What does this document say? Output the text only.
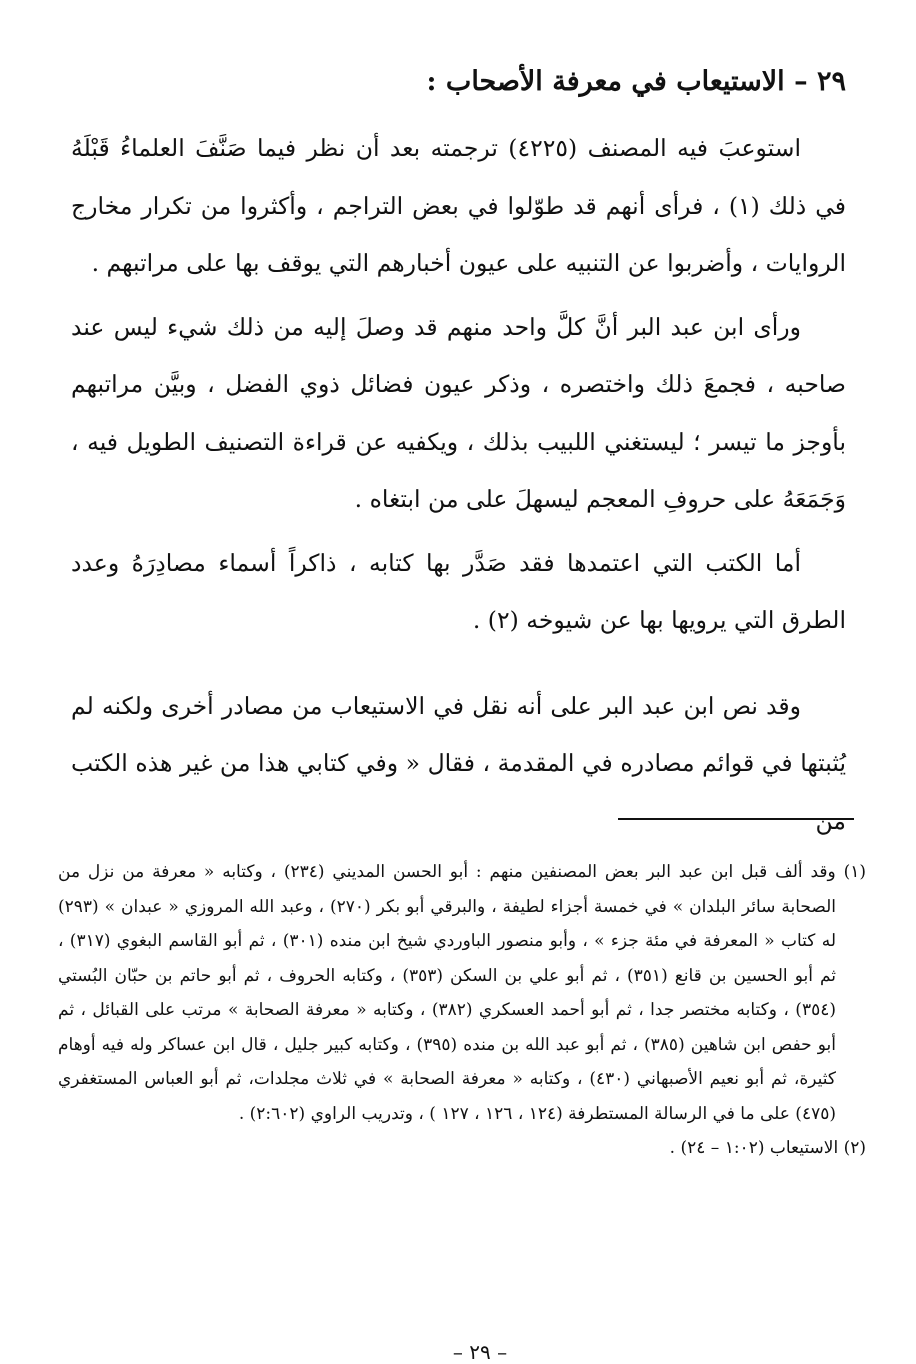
٢٩ – الاستيعاب في معرفة الأصحاب :

استوعبَ فيه المصنف (٤٢٢٥) ترجمته بعد أن نظر فيما صَنَّفَ العلماءُ قَبْلَهُ في ذلك (١) ، فرأى أنهم قد طوّلوا في بعض التراجم ، وأكثروا من تكرار مخارج الروايات ، وأضربوا عن التنبيه على عيون أخبارهم التي يوقف بها على مراتبهم .

ورأى ابن عبد البر أنَّ كلَّ واحد منهم قد وصلَ إليه من ذلك شيء ليس عند صاحبه ، فجمعَ ذلك واختصره ، وذكر عيون فضائل ذوي الفضل ، وبيَّن مراتبهم بأوجز ما تيسر ؛ ليستغني اللبيب بذلك ، ويكفيه عن قراءة التصنيف الطويل فيه ، وَجَمَعَهُ على حروفِ المعجم ليسهلَ على من ابتغاه .

أما الكتب التي اعتمدها فقد صَدَّر بها كتابه ، ذاكراً أسماء مصادِرَهُ وعدد الطرق التي يرويها بها عن شيوخه (٢) .

وقد نص ابن عبد البر على أنه نقل في الاستيعاب من مصادر أخرى ولكنه لم يُثبتها في قوائم مصادره في المقدمة ، فقال « وفي كتابي هذا من غير هذه الكتب من

(١) وقد ألف قبل ابن عبد البر بعض المصنفين منهم : أبو الحسن المديني (٢٣٤) ، وكتابه « معرفة من نزل من الصحابة سائر البلدان » في خمسة أجزاء لطيفة ، والبرقي أبو بكر (٢٧٠) ، وعبد الله المروزي « عبدان » (٢٩٣) له كتاب « المعرفة في مئة جزء » ، وأبو منصور الباوردي شيخ ابن منده (٣٠١) ، ثم أبو القاسم البغوي (٣١٧) ، ثم أبو الحسين بن قانع (٣٥١) ، ثم أبو علي بن السكن (٣٥٣) ، وكتابه الحروف ، ثم أبو حاتم بن حبّان البُستي (٣٥٤) ، وكتابه مختصر جدا ، ثم أبو أحمد العسكري (٣٨٢) ، وكتابه « معرفة الصحابة » مرتب على القبائل ، ثم أبو حفص ابن شاهين (٣٨٥) ، ثم أبو عبد الله بن منده (٣٩٥) ، وكتابه كبير جليل ، قال ابن عساكر وله فيه أوهام كثيرة، ثم أبو نعيم الأصبهاني (٤٣٠) ، وكتابه « معرفة الصحابة » في ثلاث مجلدات، ثم أبو العباس المستغفري (٤٧٥) على ما في الرسالة المستطرفة (١٢٤ ، ١٢٦ ، ١٢٧ ) ، وتدريب الراوي (٢:٦٠٢) .

(٢) الاستيعاب (١:٠٢ – ٢٤) .

– ٢٩ –
